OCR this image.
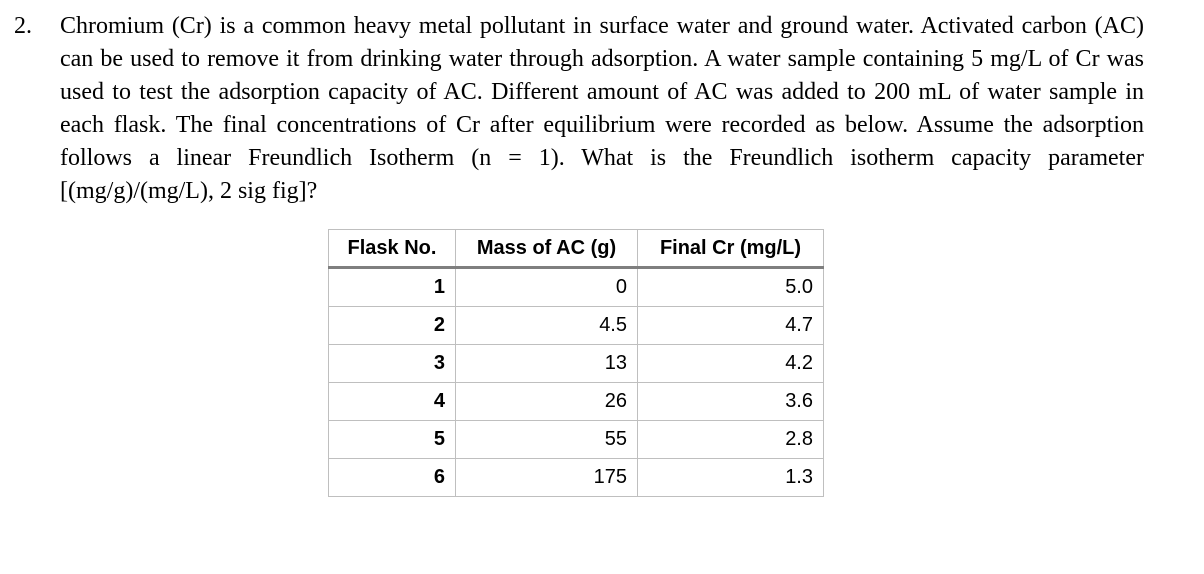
2. Chromium (Cr) is a common heavy metal pollutant in surface water and ground water. Activated carbon (AC) can be used to remove it from drinking water through adsorption. A water sample containing 5 mg/L of Cr was used to test the adsorption capacity of AC. Different amount of AC was added to 200 mL of water sample in each flask. The final concentrations of Cr after equilibrium were recorded as below. Assume the adsorption follows a linear Freundlich Isotherm (n = 1). What is the Freundlich isotherm capacity parameter [(mg/g)/(mg/L), 2 sig fig]?
Flask No.	Mass of AC (g)	Final Cr (mg/L)
1	0	5.0
2	4.5	4.7
3	13	4.2
4	26	3.6
5	55	2.8
6	175	1.3
